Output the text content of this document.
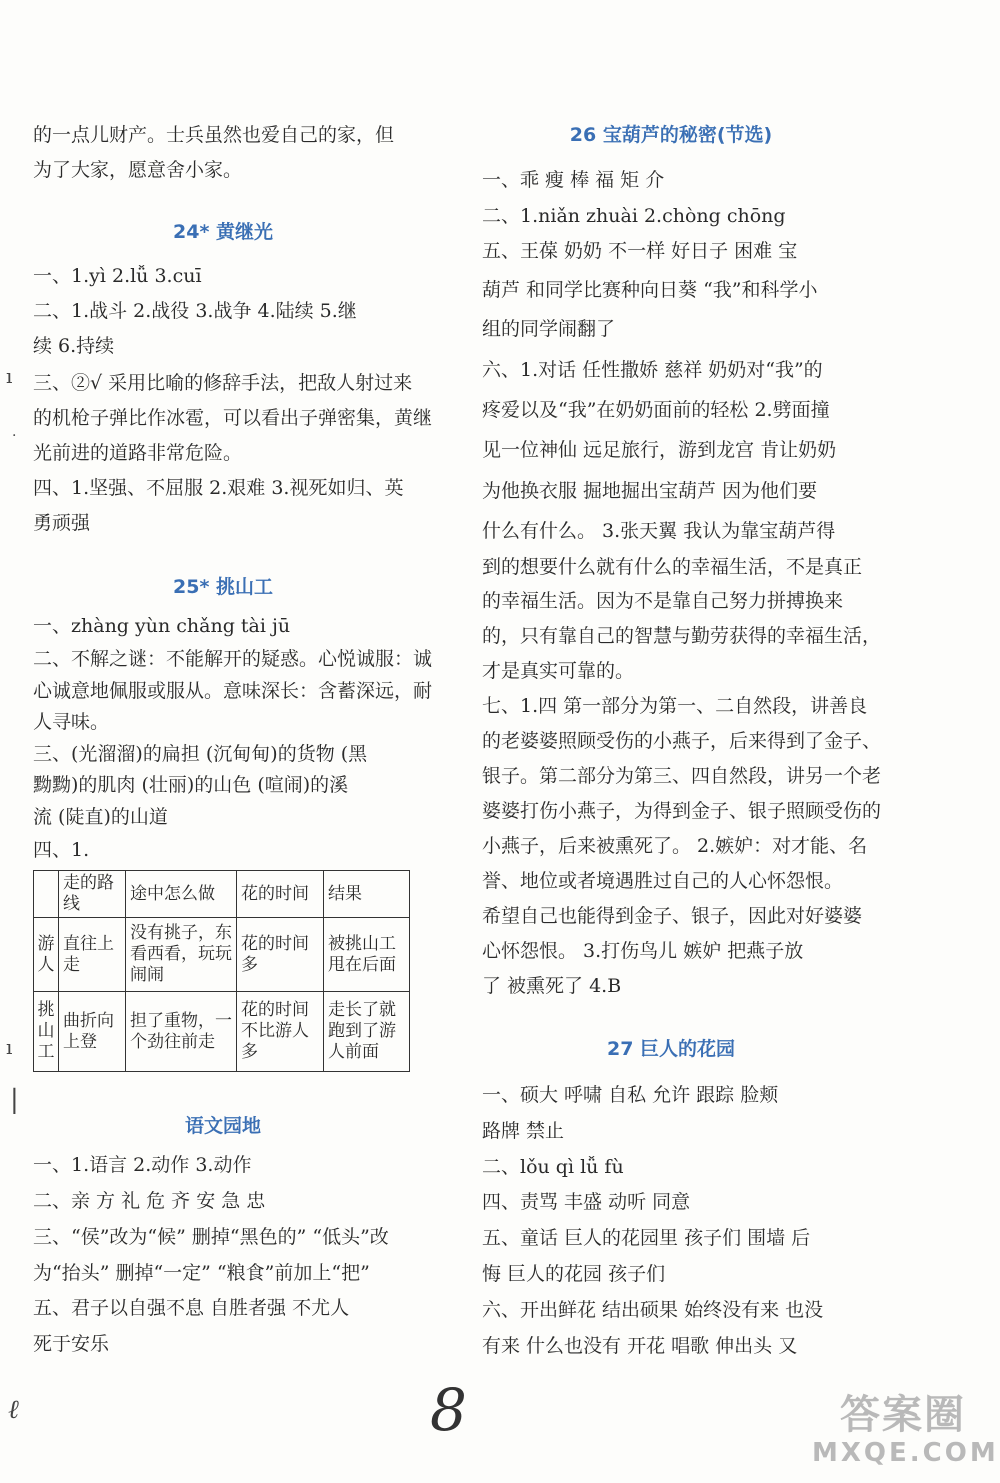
的一点儿财产。士兵虽然也爱自己的家，但
为了大家，愿意舍小家。
24* 黄继光
一、1.yì 2.lǚ 3.cuī
二、1.战斗 2.战役 3.战争 4.陆续 5.继
续 6.持续
三、②√ 采用比喻的修辞手法，把敌人射过来
的机枪子弹比作冰雹，可以看出子弹密集，黄继
光前进的道路非常危险。
四、1.坚强、不屈服 2.艰难 3.视死如归、英
勇顽强
25* 挑山工
一、zhàng yùn chǎng tài jū
二、不解之谜：不能解开的疑惑。心悦诚服：诚
心诚意地佩服或服从。意味深长：含蓄深远，耐
人寻味。
三、(光溜溜)的扁担 (沉甸甸)的货物 (黑
黝黝)的肌肉 (壮丽)的山色 (喧闹)的溪
流 (陡直)的山道
四、1.
	走的路线	途中怎么做	花的时间	结果
游人	直往上走	没有挑子，东看西看，玩玩闹闹	花的时间多	被挑山工甩在后面
挑山工	曲折向上登	担了重物，一个劲往前走	花的时间不比游人多	走长了就跑到了游人前面
语文园地
一、1.语言 2.动作 3.动作
二、亲 方 礼 危 齐 安 急 忠
三、“侯”改为“候” 删掉“黑色的” “低头”改
为“抬头” 删掉“一定” “粮食”前加上“把”
五、君子以自强不息 自胜者强 不尤人
死于安乐
26 宝葫芦的秘密(节选)
一、乖 瘦 棒 福 矩 介
二、1.niǎn zhuài 2.chòng chōng
五、王葆 奶奶 不一样 好日子 困难 宝
葫芦 和同学比赛种向日葵 “我”和科学小
组的同学闹翻了
六、1.对话 任性撒娇 慈祥 奶奶对“我”的
疼爱以及“我”在奶奶面前的轻松 2.劈面撞
见一位神仙 远足旅行，游到龙宫 肯让奶奶
为他换衣服 掘地掘出宝葫芦 因为他们要
什么有什么。 3.张天翼 我认为靠宝葫芦得
到的想要什么就有什么的幸福生活，不是真正
的幸福生活。因为不是靠自己努力拼搏换来
的，只有靠自己的智慧与勤劳获得的幸福生活，
才是真实可靠的。
七、1.四 第一部分为第一、二自然段，讲善良
的老婆婆照顾受伤的小燕子，后来得到了金子、
银子。第二部分为第三、四自然段，讲另一个老
婆婆打伤小燕子，为得到金子、银子照顾受伤的
小燕子，后来被熏死了。 2.嫉妒：对才能、名
誉、地位或者境遇胜过自己的人心怀怨恨。
希望自己也能得到金子、银子，因此对好婆婆
心怀怨恨。 3.打伤鸟儿 嫉妒 把燕子放
了 被熏死了 4.B
27 巨人的花园
一、硕大 呼啸 自私 允许 跟踪 脸颊
路牌 禁止
二、lǒu qì lǚ fù
四、责骂 丰盛 动听 同意
五、童话 巨人的花园里 孩子们 围墙 后
悔 巨人的花园 孩子们
六、开出鲜花 结出硕果 始终没有来 也没
有来 什么也没有 开花 唱歌 伸出头 又
ı
·
ı
|
ℓ	8	答案圈
MXQE.COM
